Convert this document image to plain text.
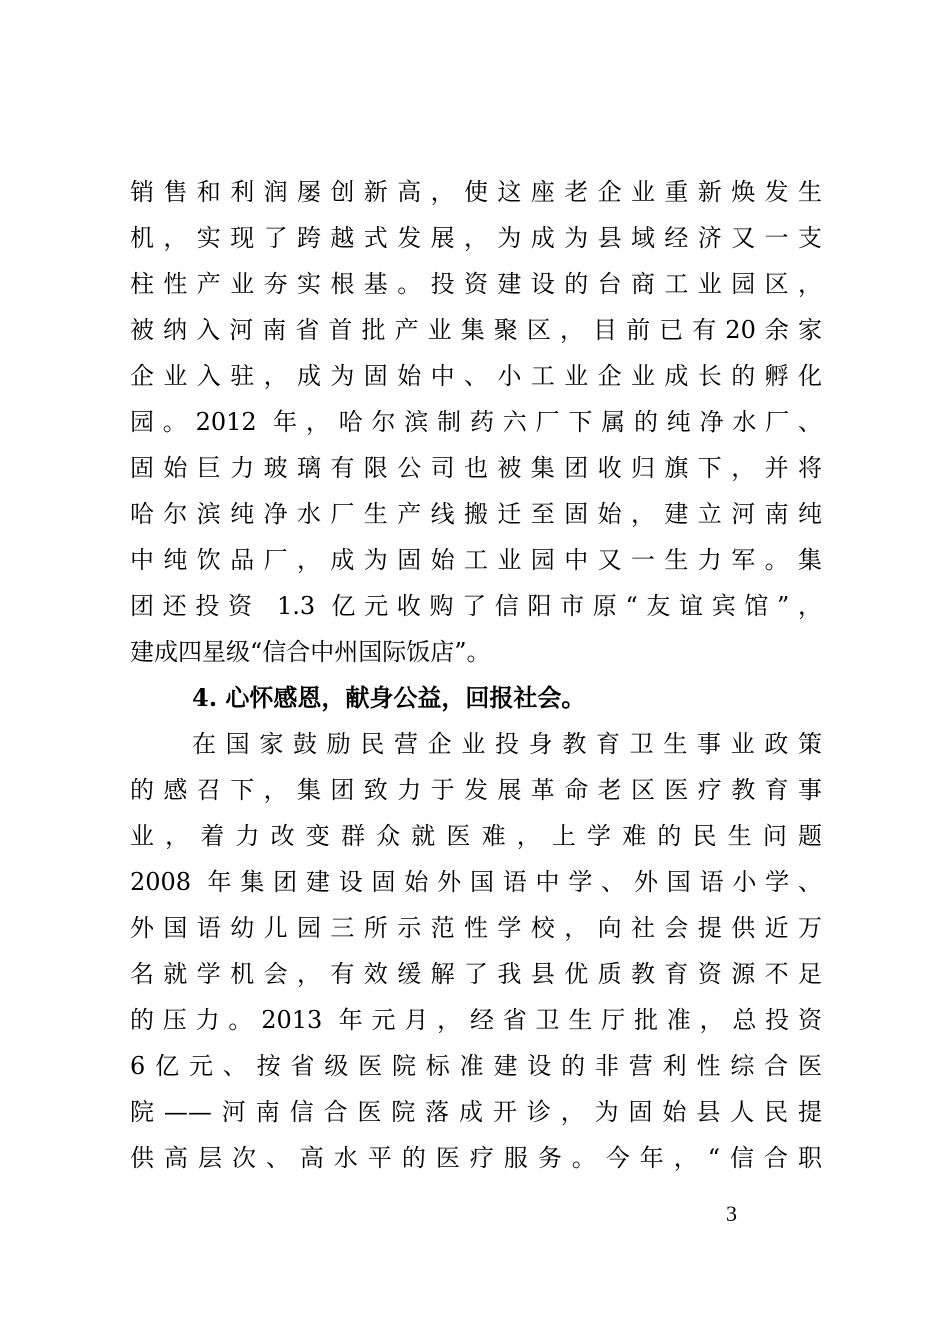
销售和利润屡创新高，使这座老企业重新焕发生
机，实现了跨越式发展，为成为县域经济又一支
柱性产业夯实根基。投资建设的台商工业园区，
被纳入河南省首批产业集聚区，目前已有20余家
企业入驻，成为固始中、小工业企业成长的孵化
园。2012 年，哈尔滨制药六厂下属的纯净水厂、
固始巨力玻璃有限公司也被集团收归旗下，并将
哈尔滨纯净水厂生产线搬迁至固始，建立河南纯
中纯饮品厂，成为固始工业园中又一生力军。集
团还投资 1.3 亿元收购了信阳市原“友谊宾馆”，
建成四星级“信合中州国际饭店”。
4. 心怀感恩，献身公益，回报社会。
在国家鼓励民营企业投身教育卫生事业政策
的感召下，集团致力于发展革命老区医疗教育事
业，着力改变群众就医难，上学难的民生问题
2008 年集团建设固始外国语中学、外国语小学、
外国语幼儿园三所示范性学校，向社会提供近万
名就学机会，有效缓解了我县优质教育资源不足
的压力。2013 年元月，经省卫生厅批准，总投资
6亿元、按省级医院标准建设的非营利性综合医
院——河南信合医院落成开诊，为固始县人民提
供高层次、高水平的医疗服务。今年，“信合职
3
